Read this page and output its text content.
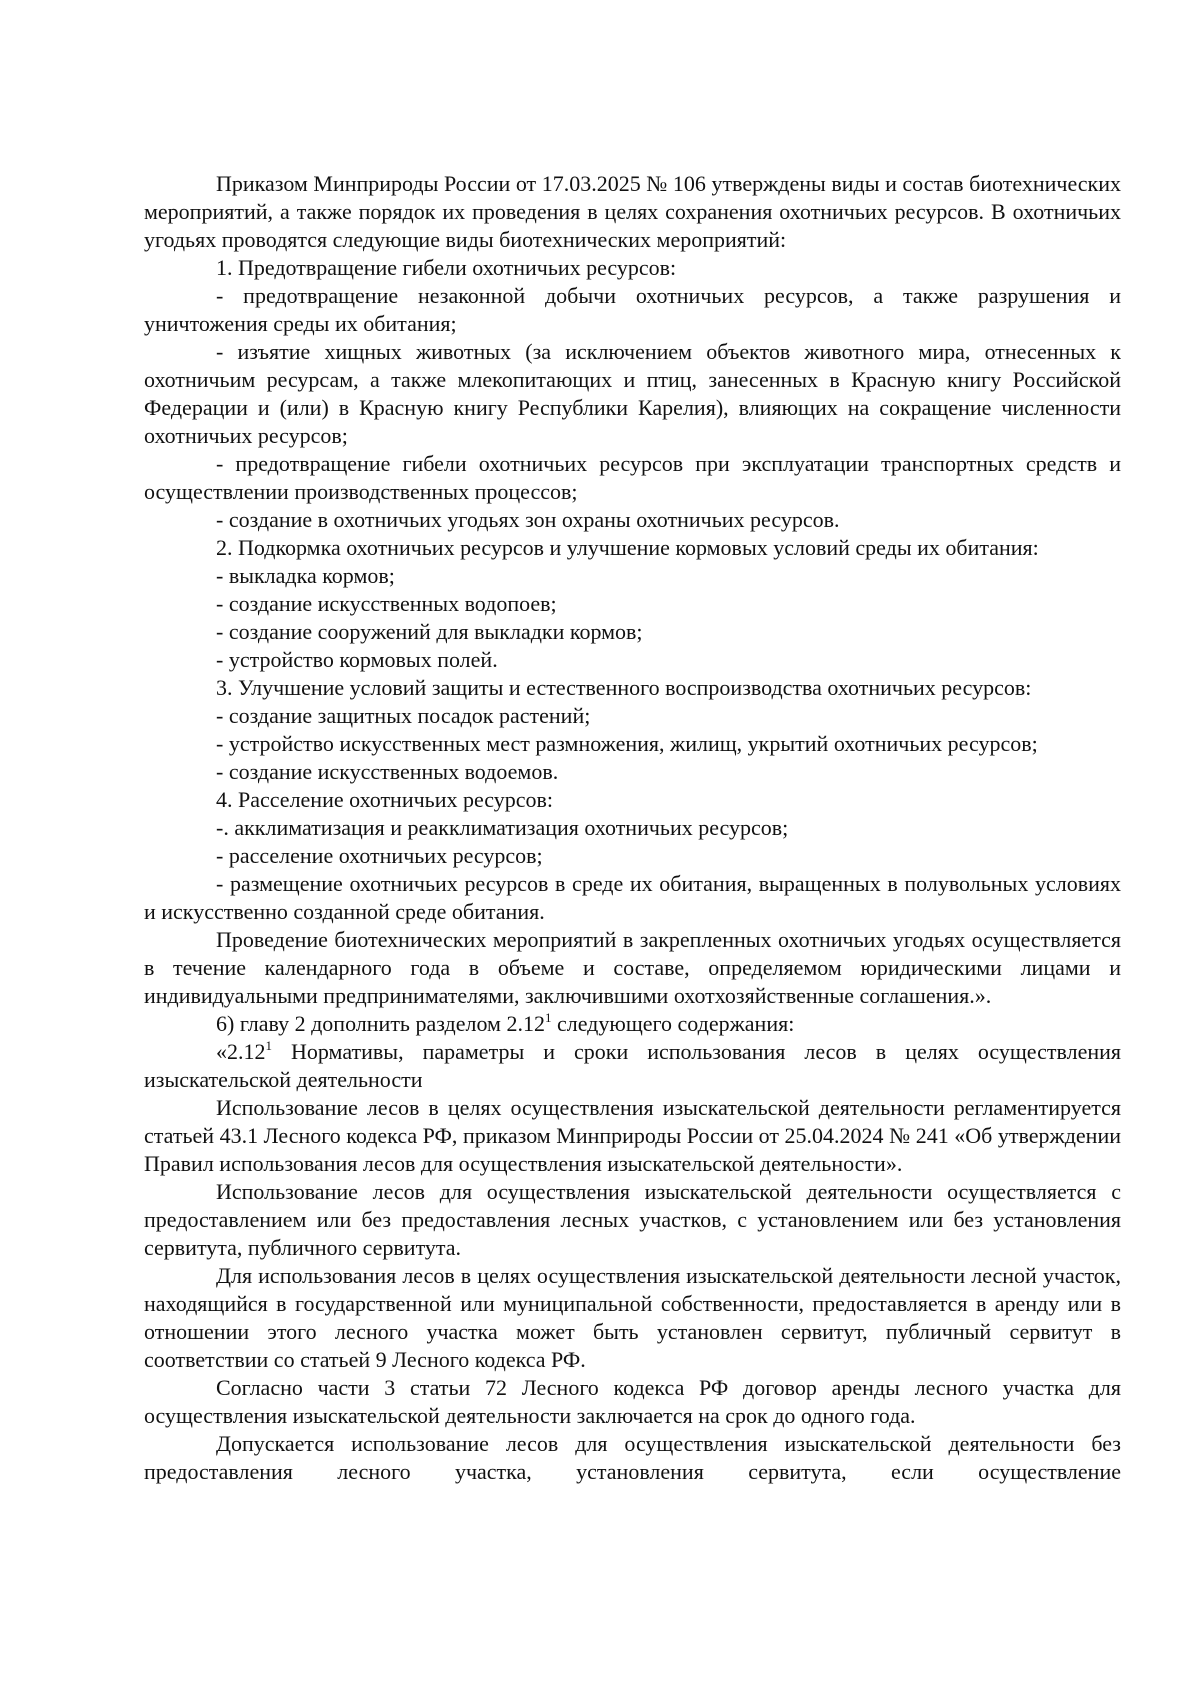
Приказом Минприроды России от 17.03.2025 № 106 утверждены виды и состав биотехнических мероприятий, а также порядок их проведения в целях сохранения охотничьих ресурсов. В охотничьих угодьях проводятся следующие виды биотехнических мероприятий:

1. Предотвращение гибели охотничьих ресурсов:

- предотвращение незаконной добычи охотничьих ресурсов, а также разрушения и уничтожения среды их обитания;

- изъятие хищных животных (за исключением объектов животного мира, отнесенных к охотничьим ресурсам, а также млекопитающих и птиц, занесенных в Красную книгу Российской Федерации и (или) в Красную книгу Республики Карелия), влияющих на сокращение численности охотничьих ресурсов;

- предотвращение гибели охотничьих ресурсов при эксплуатации транспортных средств и осуществлении производственных процессов;

- создание в охотничьих угодьях зон охраны охотничьих ресурсов.

2. Подкормка охотничьих ресурсов и улучшение кормовых условий среды их обитания:

- выкладка кормов;

- создание искусственных водопоев;

- создание сооружений для выкладки кормов;

- устройство кормовых полей.

3. Улучшение условий защиты и естественного воспроизводства охотничьих ресурсов:

- создание защитных посадок растений;

- устройство искусственных мест размножения, жилищ, укрытий охотничьих ресурсов;

- создание искусственных водоемов.

4. Расселение охотничьих ресурсов:

-. акклиматизация и реакклиматизация охотничьих ресурсов;

- расселение охотничьих ресурсов;

- размещение охотничьих ресурсов в среде их обитания, выращенных в полувольных условиях и искусственно созданной среде обитания.

Проведение биотехнических мероприятий в закрепленных охотничьих угодьях осуществляется в течение календарного года в объеме и составе, определяемом юридическими лицами и индивидуальными предпринимателями, заключившими охотхозяйственные соглашения.».

6) главу 2 дополнить разделом 2.12$^1$ следующего содержания:

«2.12$^1$ Нормативы, параметры и сроки использования лесов в целях осуществления изыскательской деятельности

Использование лесов в целях осуществления изыскательской деятельности регламентируется статьей 43.1 Лесного кодекса РФ, приказом Минприроды России от 25.04.2024 № 241 «Об утверждении Правил использования лесов для осуществления изыскательской деятельности».

Использование лесов для осуществления изыскательской деятельности осуществляется с предоставлением или без предоставления лесных участков, с установлением или без установления сервитута, публичного сервитута.

Для использования лесов в целях осуществления изыскательской деятельности лесной участок, находящийся в государственной или муниципальной собственности, предоставляется в аренду или в отношении этого лесного участка может быть установлен сервитут, публичный сервитут в соответствии со статьей 9 Лесного кодекса РФ.

Согласно части 3 статьи 72 Лесного кодекса РФ договор аренды лесного участка для осуществления изыскательской деятельности заключается на срок до одного года.

Допускается использование лесов для осуществления изыскательской деятельности без предоставления лесного участка, установления сервитута, если осуществление
